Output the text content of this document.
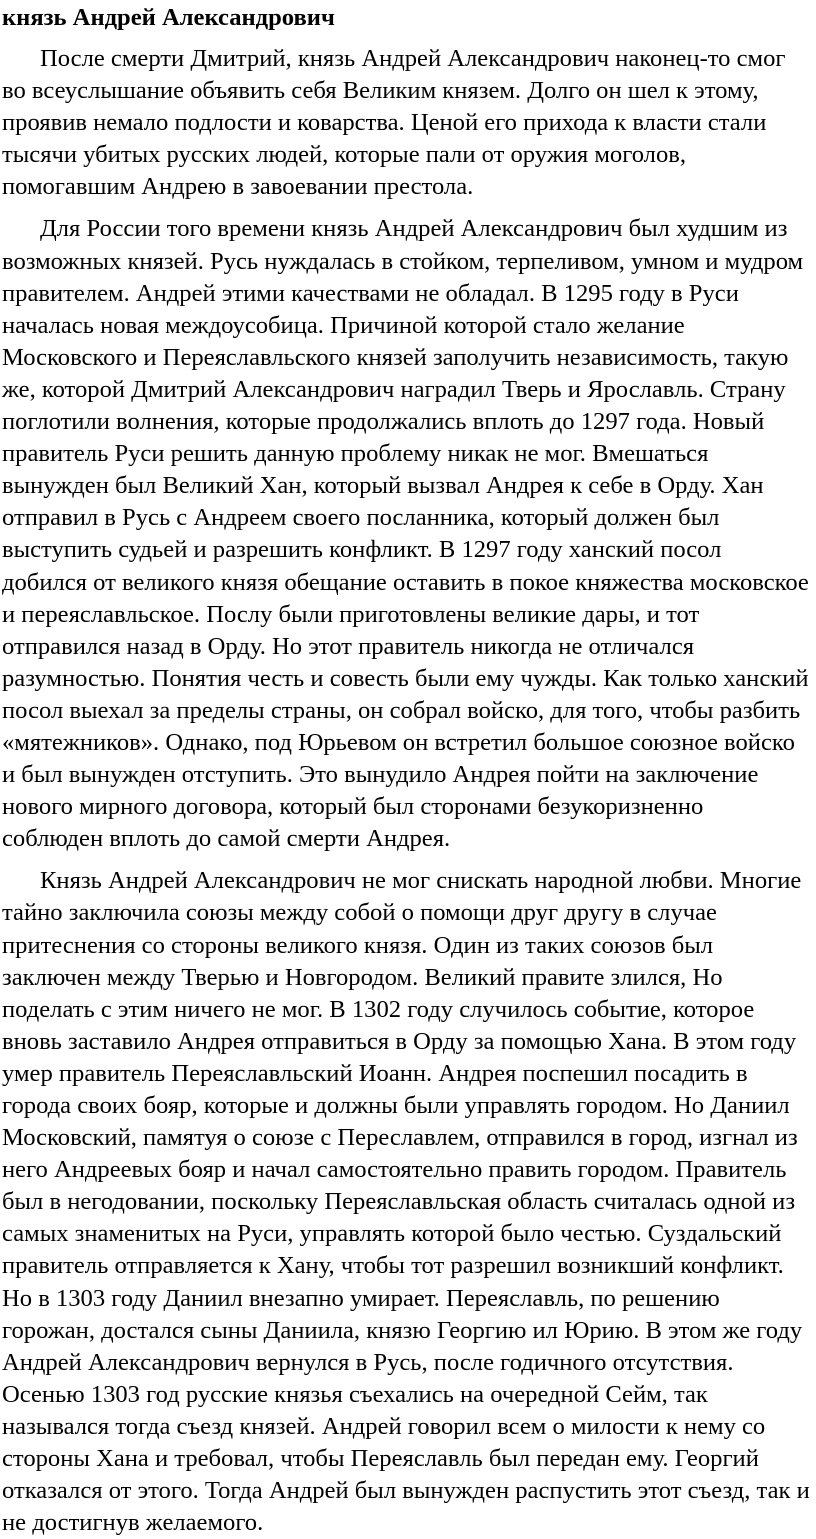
князь Андрей Александрович

После смерти Дмитрий, князь Андрей Александрович наконец-то смог во всеуслышание объявить себя Великим князем. Долго он шел к этому, проявив немало подлости и коварства. Ценой его прихода к власти стали тысячи убитых русских людей, которые пали от оружия моголов, помогавшим Андрею в завоевании престола.

Для России того времени князь Андрей Александрович был худшим из возможных князей. Русь нуждалась в стойком, терпеливом, умном и мудром правителем. Андрей этими качествами не обладал. В 1295 году в Руси началась новая междоусобица. Причиной которой стало желание Московского и Переяславльского князей заполучить независимость, такую же, которой Дмитрий Александрович наградил Тверь и Ярославль. Страну поглотили волнения, которые продолжались вплоть до 1297 года. Новый правитель Руси решить данную проблему никак не мог. Вмешаться вынужден был Великий Хан, который вызвал Андрея к себе в Орду. Хан отправил в Русь с Андреем своего посланника, который должен был выступить судьей и разрешить конфликт. В 1297 году ханский посол добился от великого князя обещание оставить в покое княжества московское и переяславльское. Послу были приготовлены великие дары, и тот отправился назад в Орду. Но этот правитель никогда не отличался разумностью. Понятия честь и совесть были ему чужды. Как только ханский посол выехал за пределы страны, он собрал войско, для того, чтобы разбить «мятежников». Однако, под Юрьевом он встретил большое союзное войско и был вынужден отступить. Это вынудило Андрея пойти на заключение нового мирного договора, который был сторонами безукоризненно соблюден вплоть до самой смерти Андрея.

Князь Андрей Александрович не мог снискать народной любви. Многие тайно заключила союзы между собой о помощи друг другу в случае притеснения со стороны великого князя. Один из таких союзов был заключен между Тверью и Новгородом. Великий правите злился, Но поделать с этим ничего не мог. В 1302 году случилось событие, которое вновь заставило Андрея отправиться в Орду за помощью Хана. В этом году умер правитель Переяславльский Иоанн. Андрея поспешил посадить в города своих бояр, которые и должны были управлять городом. Но Даниил Московский, памятуя о союзе с Переславлем, отправился в город, изгнал из него Андреевых бояр и начал самостоятельно править городом. Правитель был в негодовании, поскольку Переяславльская область считалась одной из самых знаменитых на Руси, управлять которой было честью. Суздальский правитель отправляется к Хану, чтобы тот разрешил возникший конфликт. Но в 1303 году Даниил внезапно умирает. Переяславль, по решению горожан, достался сыны Даниила, князю Георгию ил Юрию. В этом же году Андрей Александрович вернулся в Русь, после годичного отсутствия. Осенью 1303 год русские князья съехались на очередной Сейм, так назывался тогда съезд князей. Андрей говорил всем о милости к нему со стороны Хана и требовал, чтобы Переяславль был передан ему. Георгий отказался от этого. Тогда Андрей был вынужден распустить этот съезд, так и не достигнув желаемого.
